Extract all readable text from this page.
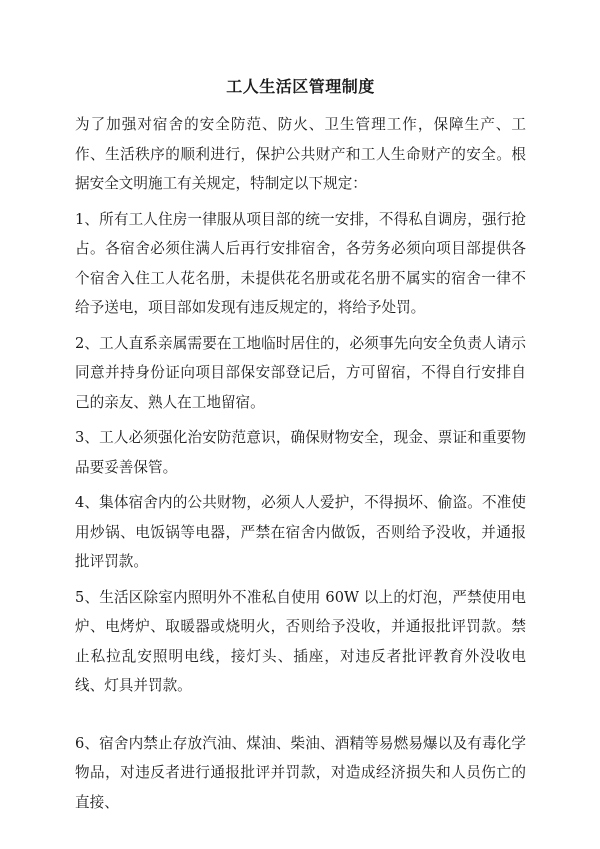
工人生活区管理制度

为了加强对宿舍的安全防范、防火、卫生管理工作，保障生产、工作、生活秩序的顺利进行，保护公共财产和工人生命财产的安全。根据安全文明施工有关规定，特制定以下规定：

1、所有工人住房一律服从项目部的统一安排，不得私自调房，强行抢占。各宿舍必须住满人后再行安排宿舍，各劳务必须向项目部提供各个宿舍入住工人花名册，未提供花名册或花名册不属实的宿舍一律不给予送电，项目部如发现有违反规定的，将给予处罚。

2、工人直系亲属需要在工地临时居住的，必须事先向安全负责人请示同意并持身份证向项目部保安部登记后，方可留宿，不得自行安排自己的亲友、熟人在工地留宿。

3、工人必须强化治安防范意识，确保财物安全，现金、票证和重要物品要妥善保管。

4、集体宿舍内的公共财物，必须人人爱护，不得损坏、偷盗。不准使用炒锅、电饭锅等电器，严禁在宿舍内做饭，否则给予没收，并通报批评罚款。

5、生活区除室内照明外不准私自使用 60W 以上的灯泡，严禁使用电炉、电烤炉、取暖器或烧明火，否则给予没收，并通报批评罚款。禁止私拉乱安照明电线，接灯头、插座，对违反者批评教育外没收电线、灯具并罚款。

6、宿舍内禁止存放汽油、煤油、柴油、酒精等易燃易爆以及有毒化学物品，对违反者进行通报批评并罚款，对造成经济损失和人员伤亡的直接、
